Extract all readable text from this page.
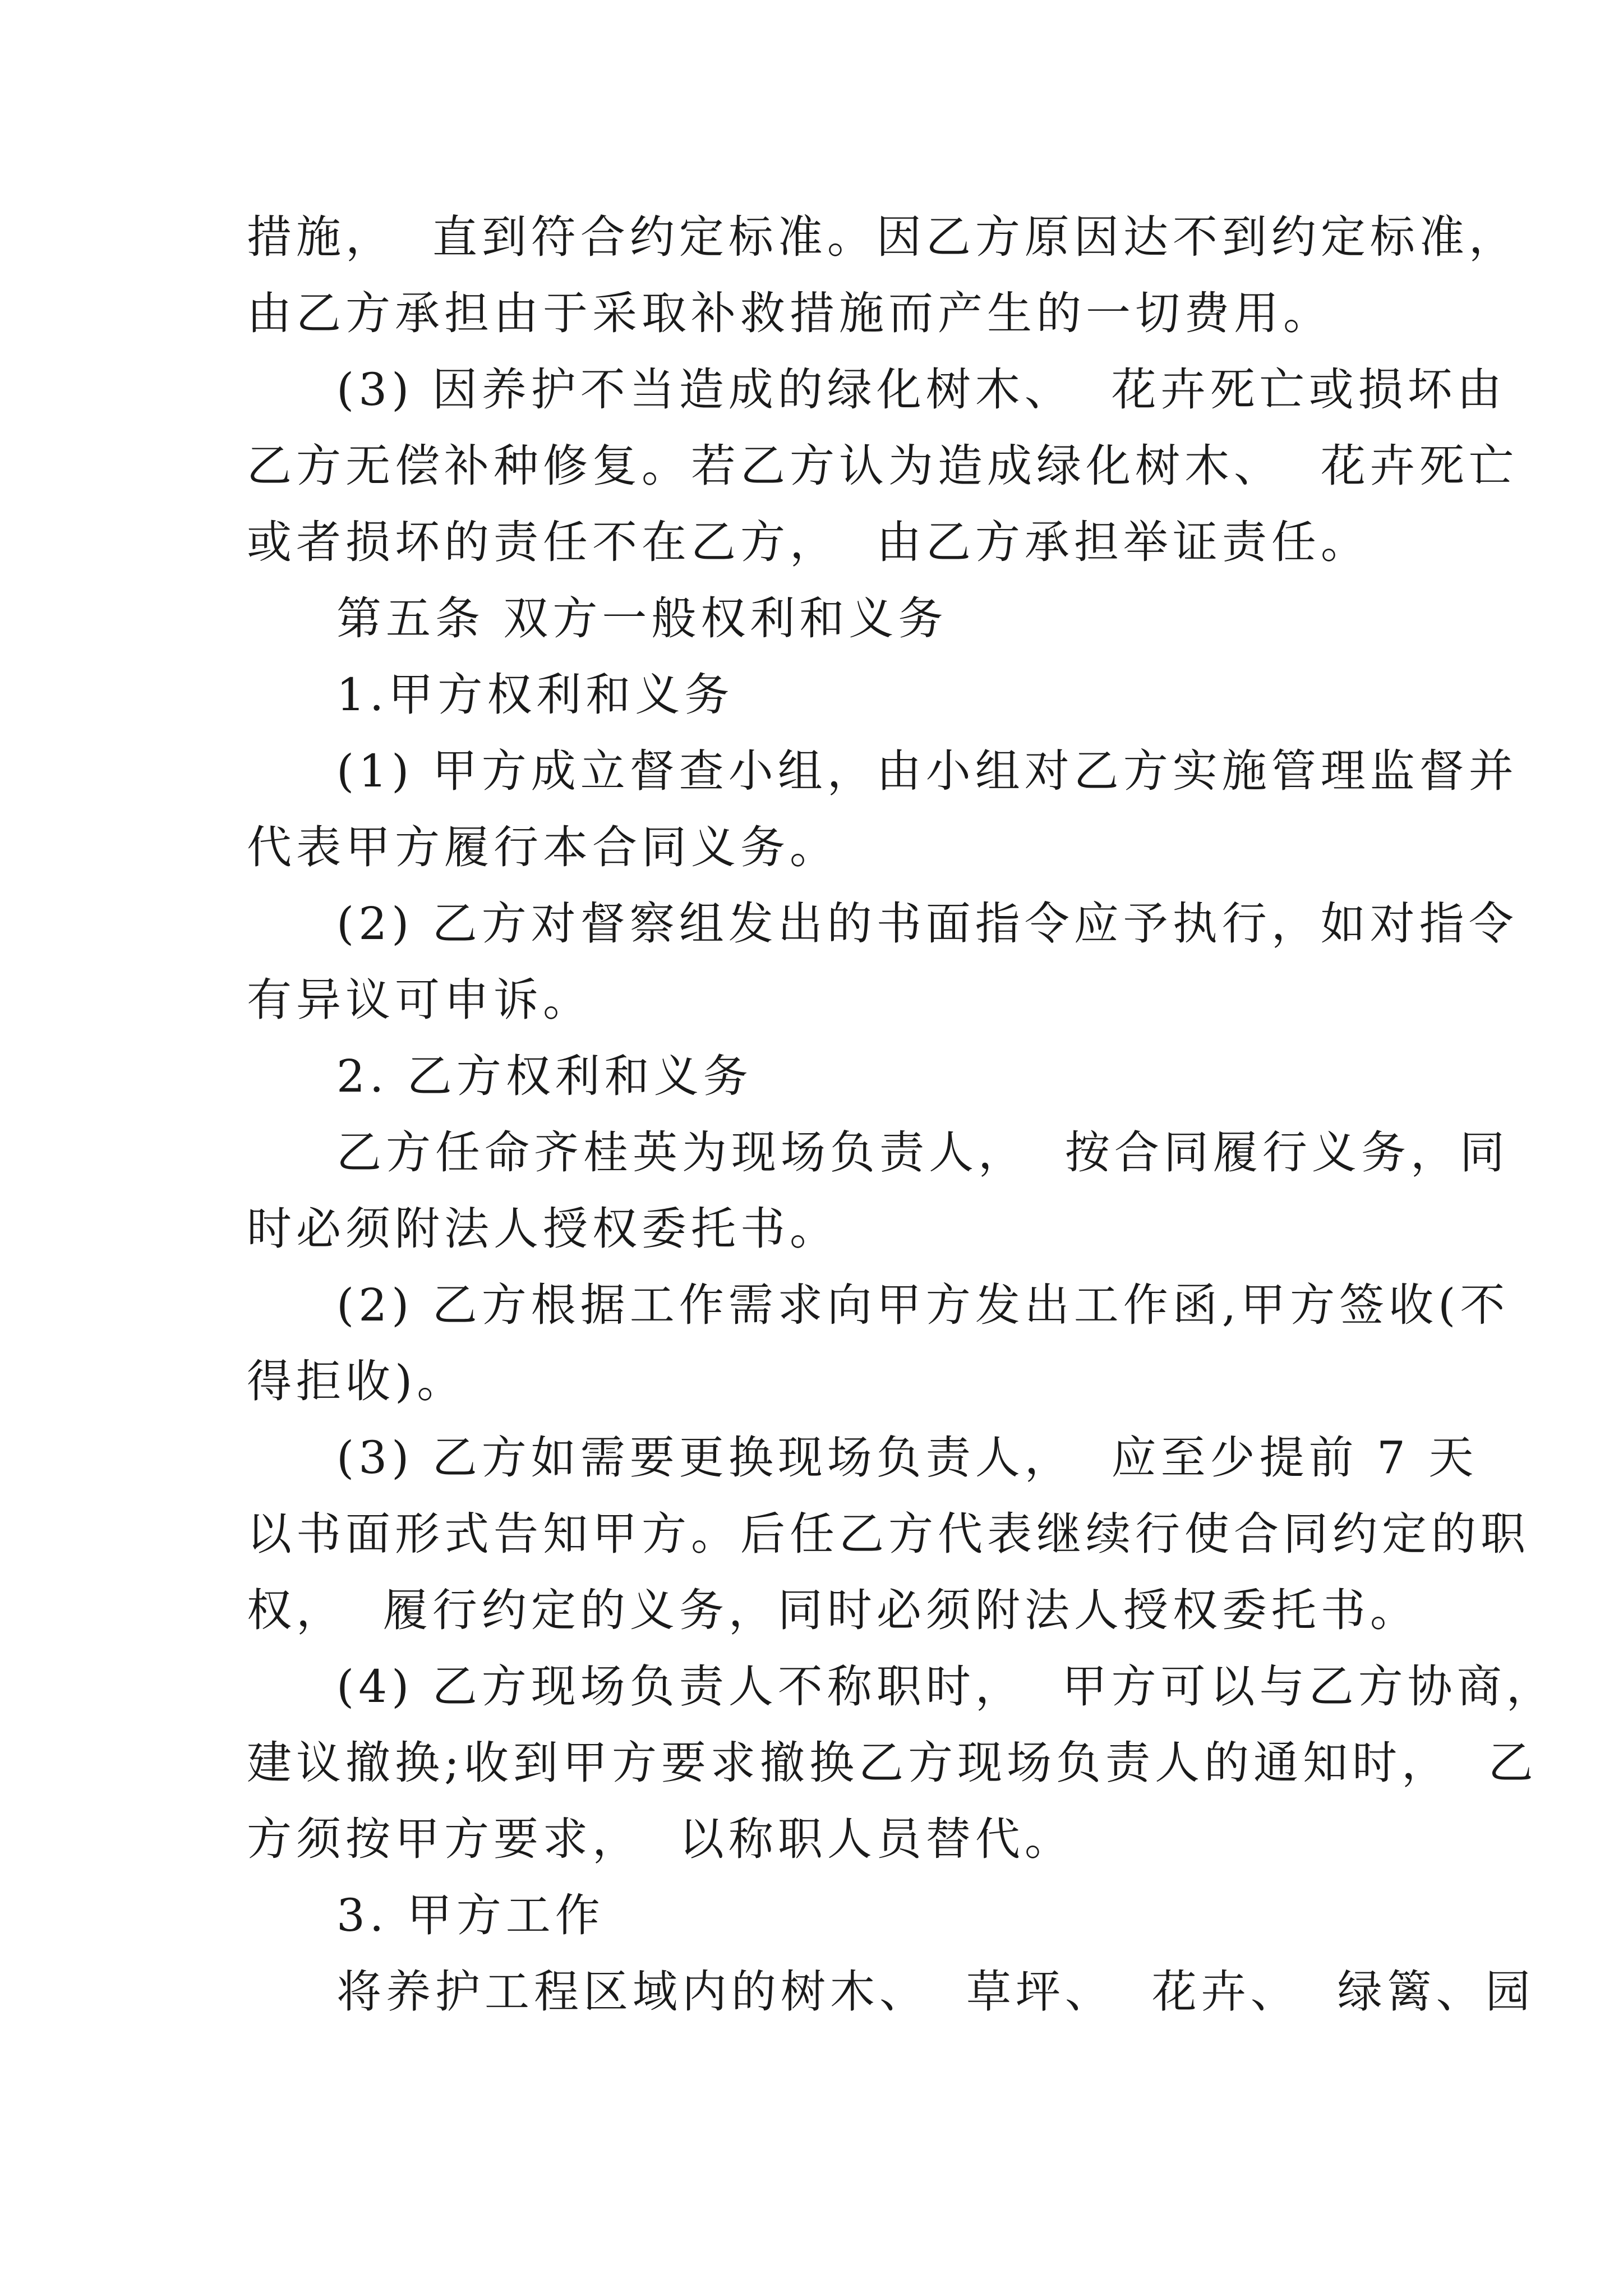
措施，  直到符合约定标准。因乙方原因达不到约定标准，
由乙方承担由于采取补救措施而产生的一切费用。
(3) 因养护不当造成的绿化树木、  花卉死亡或损坏由
乙方无偿补种修复。若乙方认为造成绿化树木、  花卉死亡
或者损坏的责任不在乙方，  由乙方承担举证责任。
第五条 双方一般权利和义务
1.甲方权利和义务
(1) 甲方成立督查小组，由小组对乙方实施管理监督并
代表甲方履行本合同义务。
(2) 乙方对督察组发出的书面指令应予执行，如对指令
有异议可申诉。
2. 乙方权利和义务
乙方任命齐桂英为现场负责人，  按合同履行义务，同
时必须附法人授权委托书。
(2) 乙方根据工作需求向甲方发出工作函,甲方签收(不
得拒收)。
(3) 乙方如需要更换现场负责人，  应至少提前 7 天
以书面形式告知甲方。后任乙方代表继续行使合同约定的职
权，  履行约定的义务，同时必须附法人授权委托书。
(4) 乙方现场负责人不称职时，  甲方可以与乙方协商，
建议撤换;收到甲方要求撤换乙方现场负责人的通知时，  乙
方须按甲方要求，  以称职人员替代。
3. 甲方工作
将养护工程区域内的树木、  草坪、  花卉、  绿篱、园
